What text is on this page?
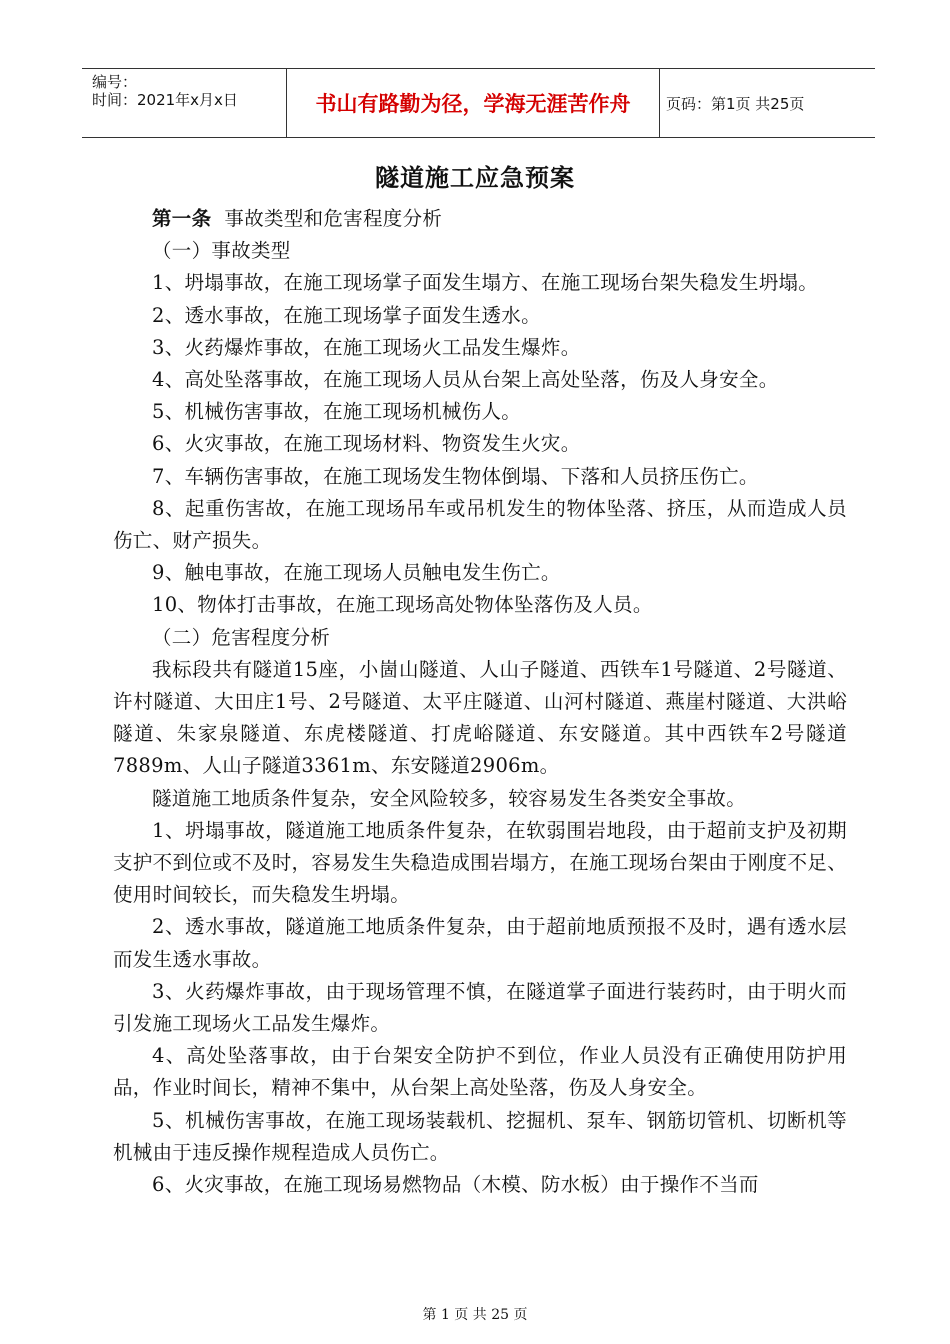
编号：
时间：2021年x月x日	书山有路勤为径，学海无涯苦作舟 页码：第1页 共25页
隧道施工应急预案

第一条 事故类型和危害程度分析

（一）事故类型

1、坍塌事故，在施工现场掌子面发生塌方、在施工现场台架失稳发生坍塌。

2、透水事故，在施工现场掌子面发生透水。

3、火药爆炸事故，在施工现场火工品发生爆炸。

4、高处坠落事故，在施工现场人员从台架上高处坠落，伤及人身安全。

5、机械伤害事故，在施工现场机械伤人。

6、火灾事故，在施工现场材料、物资发生火灾。

7、车辆伤害事故，在施工现场发生物体倒塌、下落和人员挤压伤亡。

8、起重伤害故，在施工现场吊车或吊机发生的物体坠落、挤压，从而造成人员伤亡、财产损失。

9、触电事故，在施工现场人员触电发生伤亡。

10、物体打击事故，在施工现场高处物体坠落伤及人员。

（二）危害程度分析

我标段共有隧道15座，小崮山隧道、人山子隧道、西铁车1号隧道、2号隧道、许村隧道、大田庄1号、2号隧道、太平庄隧道、山河村隧道、燕崖村隧道、大洪峪隧道、朱家泉隧道、东虎楼隧道、打虎峪隧道、东安隧道。其中西铁车2号隧道7889m、人山子隧道3361m、东安隧道2906m。

隧道施工地质条件复杂，安全风险较多，较容易发生各类安全事故。

1、坍塌事故，隧道施工地质条件复杂，在软弱围岩地段，由于超前支护及初期支护不到位或不及时，容易发生失稳造成围岩塌方，在施工现场台架由于刚度不足、使用时间较长，而失稳发生坍塌。

2、透水事故，隧道施工地质条件复杂，由于超前地质预报不及时，遇有透水层而发生透水事故。

3、火药爆炸事故，由于现场管理不慎，在隧道掌子面进行装药时，由于明火而引发施工现场火工品发生爆炸。

4、高处坠落事故，由于台架安全防护不到位，作业人员没有正确使用防护用品，作业时间长，精神不集中，从台架上高处坠落，伤及人身安全。

5、机械伤害事故，在施工现场装载机、挖掘机、泵车、钢筋切管机、切断机等机械由于违反操作规程造成人员伤亡。

6、火灾事故，在施工现场易燃物品（木模、防水板）由于操作不当而

第 1 页 共 25 页
